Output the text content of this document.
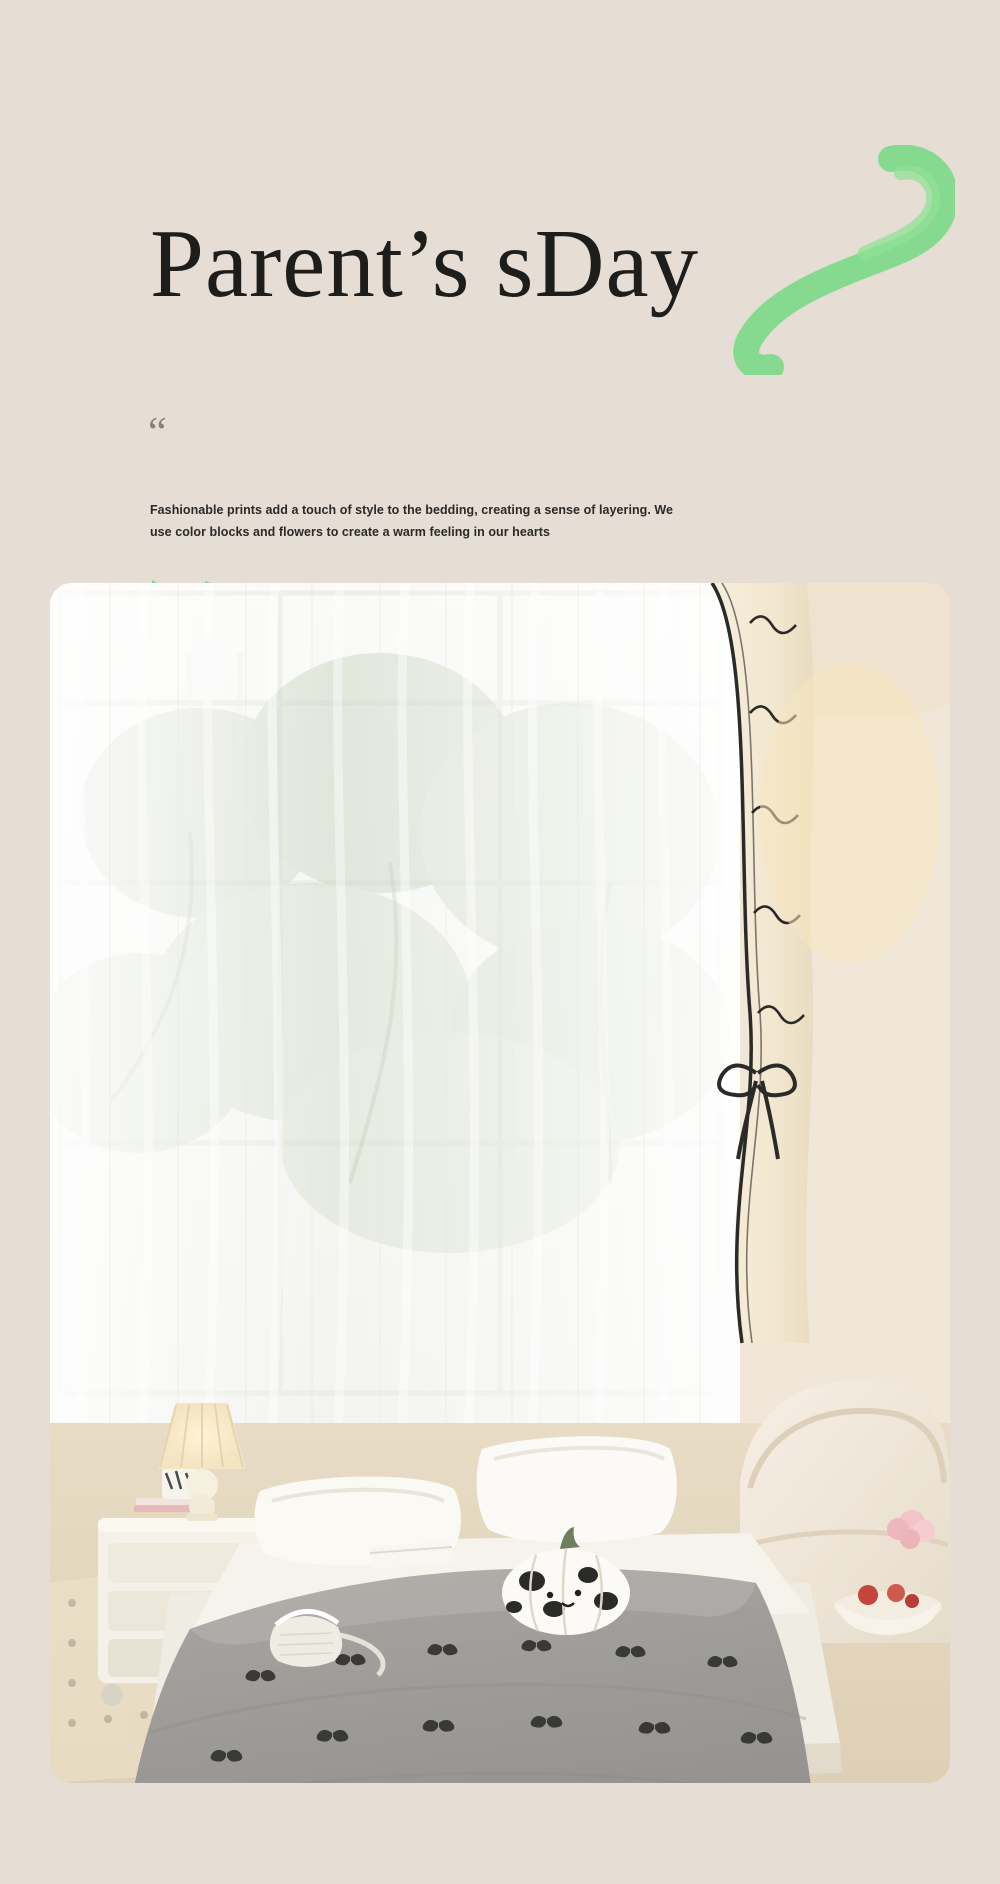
Parent’s sDay
“
Fashionable prints add a touch of style to the bedding, creating a sense of layering. We use color blocks and flowers to create a warm feeling in our hearts
